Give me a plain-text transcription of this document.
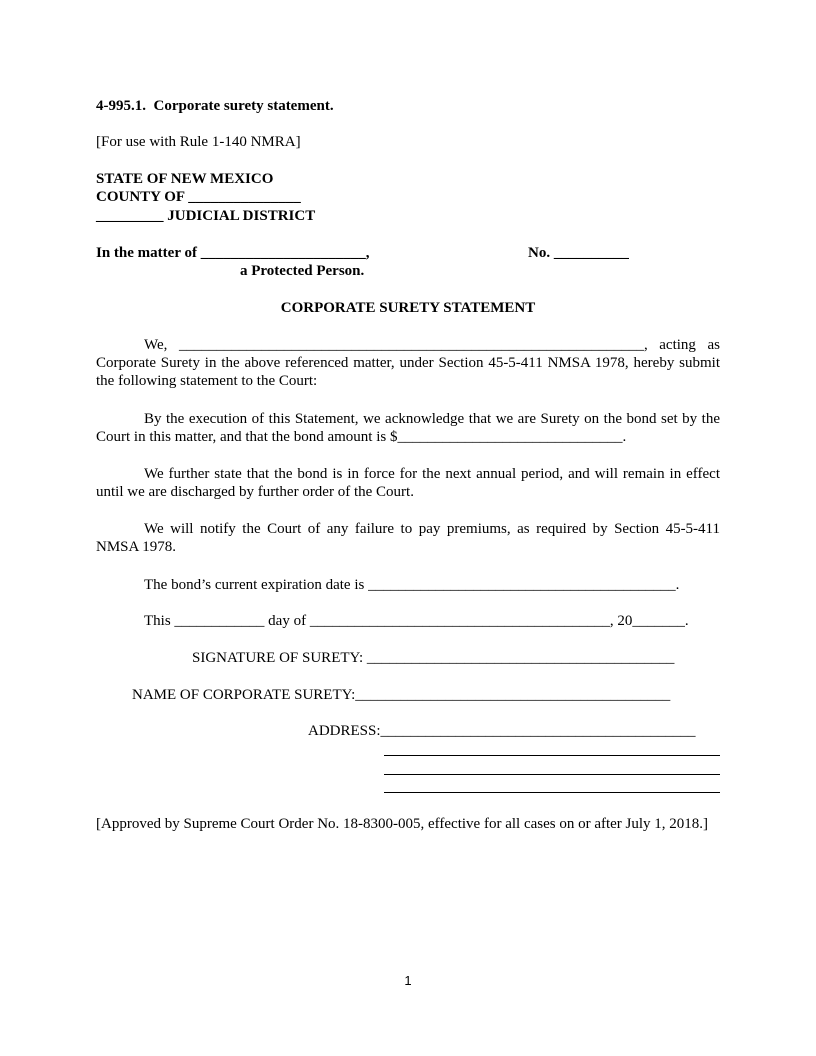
4-995.1.  Corporate surety statement.
[For use with Rule 1-140 NMRA]
STATE OF NEW MEXICO
COUNTY OF _______________
_________ JUDICIAL DISTRICT
In the matter of ______________________,	No. __________
a Protected Person.
CORPORATE SURETY STATEMENT
We, ______________________________________________________________, acting as Corporate Surety in the above referenced matter, under Section 45-5-411 NMSA 1978, hereby submit the following statement to the Court:
By the execution of this Statement, we acknowledge that we are Surety on the bond set by the Court in this matter, and that the bond amount is $______________________________.
We further state that the bond is in force for the next annual period, and will remain in effect until we are discharged by further order of the Court.
We will notify the Court of any failure to pay premiums, as required by Section 45-5-411 NMSA 1978.
The bond’s current expiration date is _________________________________________.
This ____________ day of ________________________________________, 20_______.
SIGNATURE OF SURETY: _________________________________________
NAME OF CORPORATE SURETY:__________________________________________
ADDRESS:__________________________________________
[Approved by Supreme Court Order No. 18-8300-005, effective for all cases on or after July 1, 2018.]
1
